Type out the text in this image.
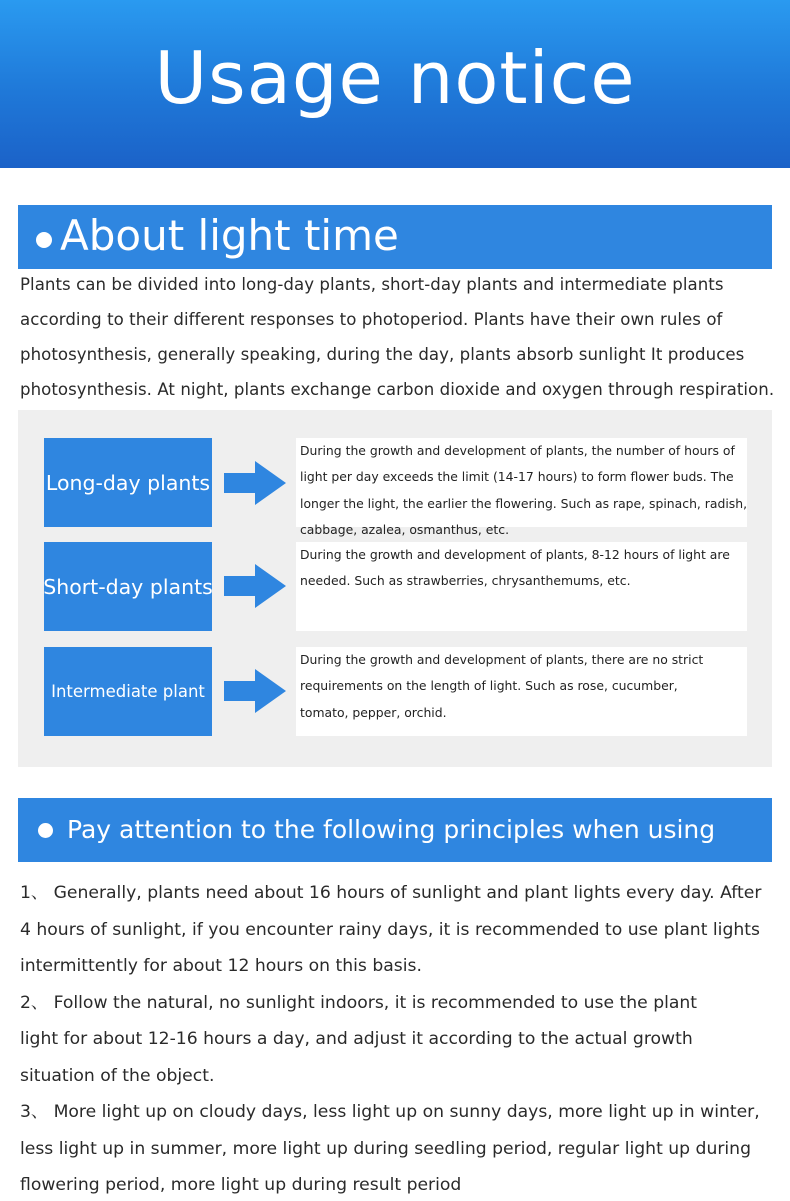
Usage notice
About light time
Plants can be divided into long-day plants, short-day plants and intermediate plants
according to their different responses to photoperiod. Plants have their own rules of
photosynthesis, generally speaking, during the day, plants absorb sunlight It produces
photosynthesis. At night, plants exchange carbon dioxide and oxygen through respiration.
Long-day plants
During the growth and development of plants, the number of hours of
light per day exceeds the limit (14-17 hours) to form flower buds. The
longer the light, the earlier the flowering. Such as rape, spinach, radish,
cabbage, azalea, osmanthus, etc.
Short-day plants
During the growth and development of plants, 8-12 hours of light are
needed. Such as strawberries, chrysanthemums, etc.
Intermediate plant
During the growth and development of plants, there are no strict
requirements on the length of light. Such as rose, cucumber,
tomato, pepper, orchid.
Pay attention to the following principles when using
1、 Generally, plants need about 16 hours of sunlight and plant lights every day. After
4 hours of sunlight, if you encounter rainy days, it is recommended to use plant lights
intermittently for about 12 hours on this basis.
2、 Follow the natural, no sunlight indoors, it is recommended to use the plant
light for about 12-16 hours a day, and adjust it according to the actual growth
situation of the object.
3、 More light up on cloudy days, less light up on sunny days, more light up in winter,
less light up in summer, more light up during seedling period, regular light up during
flowering period, more light up during result period
